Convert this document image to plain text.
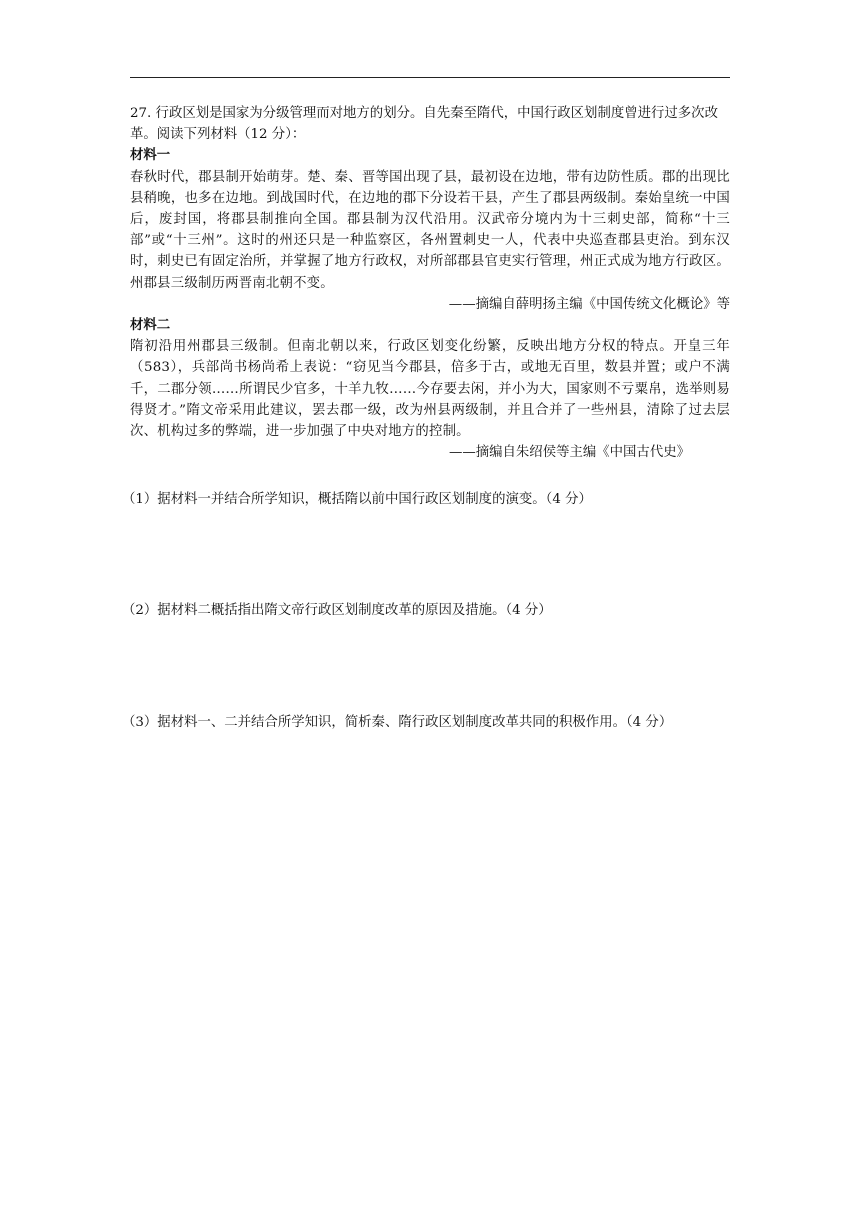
27. 行政区划是国家为分级管理而对地方的划分。自先秦至隋代，中国行政区划制度曾进行过多次改革。阅读下列材料（12 分）：

材料一

春秋时代，郡县制开始萌芽。楚、秦、晋等国出现了县，最初设在边地，带有边防性质。郡的出现比县稍晚，也多在边地。到战国时代，在边地的郡下分设若干县，产生了郡县两级制。秦始皇统一中国后，废封国，将郡县制推向全国。郡县制为汉代沿用。汉武帝分境内为十三刺史部，简称“十三部”或“十三州”。这时的州还只是一种监察区，各州置刺史一人，代表中央巡查郡县吏治。到东汉时，刺史已有固定治所，并掌握了地方行政权，对所部郡县官吏实行管理，州正式成为地方行政区。州郡县三级制历两晋南北朝不变。

——摘编自薛明扬主编《中国传统文化概论》等

材料二

隋初沿用州郡县三级制。但南北朝以来，行政区划变化纷繁，反映出地方分权的特点。开皇三年（583），兵部尚书杨尚希上表说：“窃见当今郡县，倍多于古，或地无百里，数县并置；或户不满千，二郡分领……所谓民少官多，十羊九牧……今存要去闲，并小为大，国家则不亏粟帛，选举则易得贤才。”隋文帝采用此建议，罢去郡一级，改为州县两级制，并且合并了一些州县，清除了过去层次、机构过多的弊端，进一步加强了中央对地方的控制。

——摘编自朱绍侯等主编《中国古代史》

（1）据材料一并结合所学知识，概括隋以前中国行政区划制度的演变。（4 分）

（2）据材料二概括指出隋文帝行政区划制度改革的原因及措施。（4 分）

（3）据材料一、二并结合所学知识，简析秦、隋行政区划制度改革共同的积极作用。（4 分）
